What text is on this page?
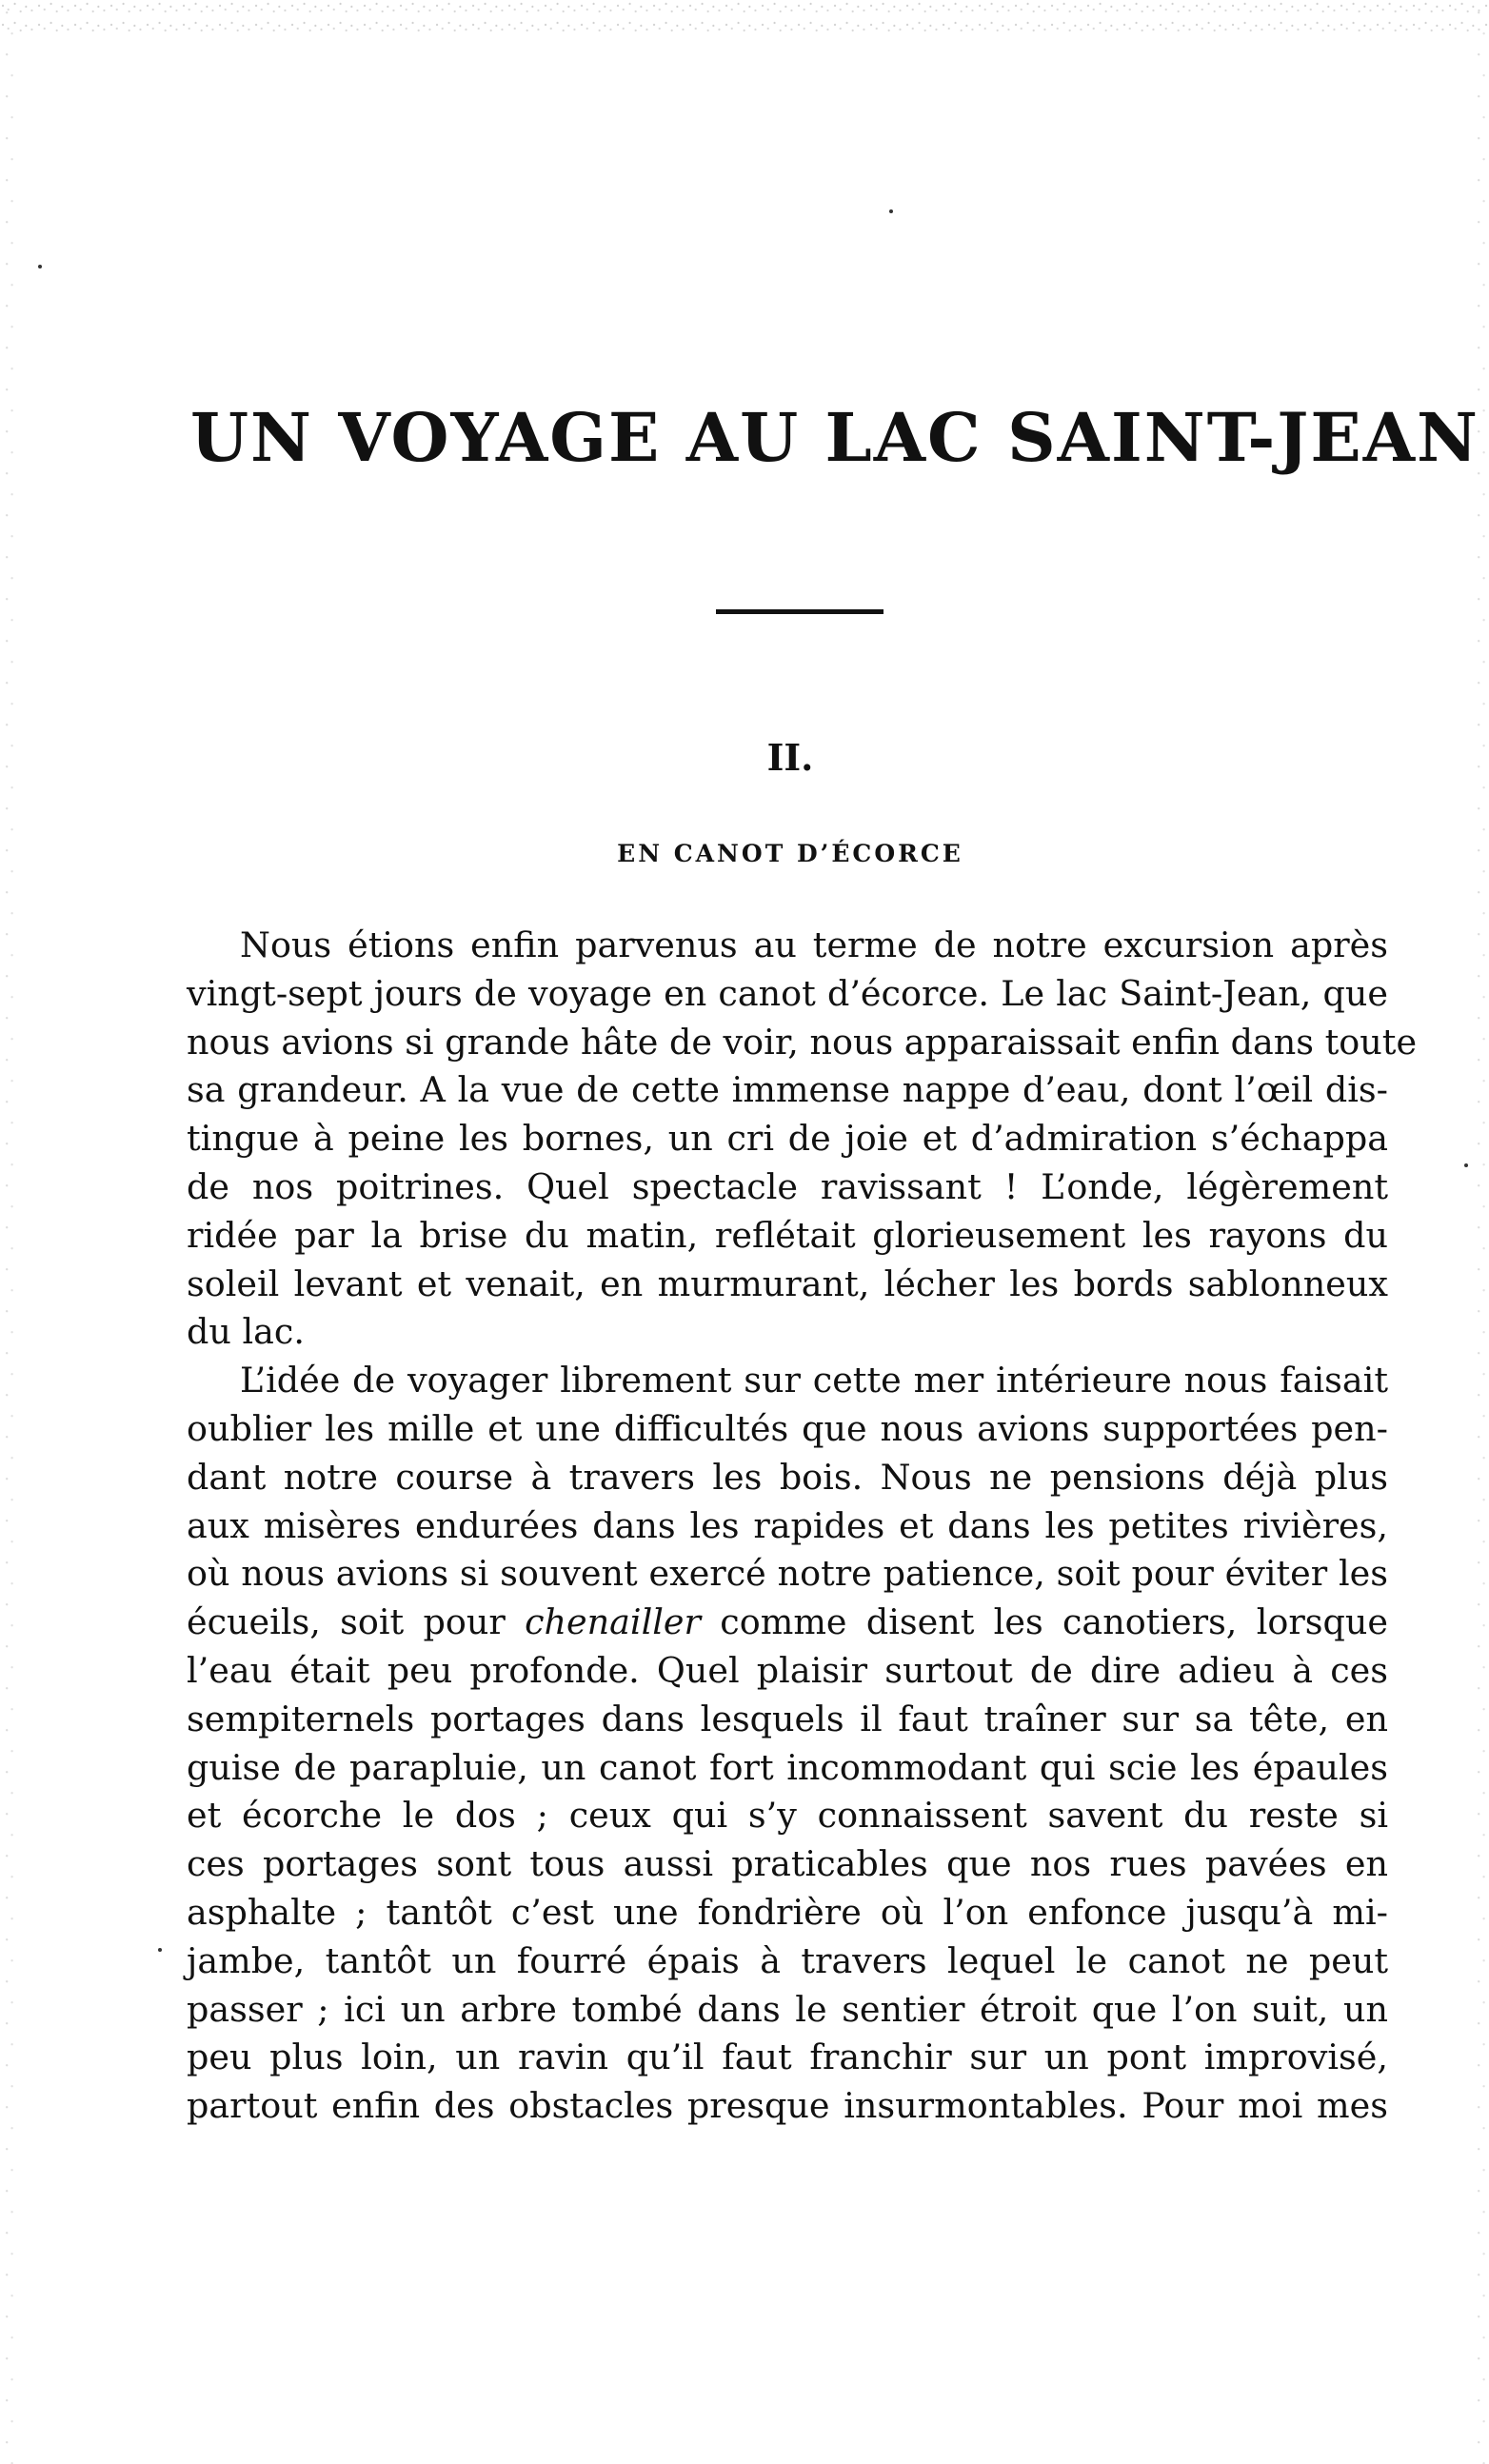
UN VOYAGE AU LAC SAINT-JEAN
II.
EN CANOT D’ÉCORCE

Nous étions enfin parvenus au terme de notre excursion après
vingt-sept jours de voyage en canot d’écorce. Le lac Saint-Jean, que
nous avions si grande hâte de voir, nous apparaissait enfin dans toute
sa grandeur. A la vue de cette immense nappe d’eau, dont l’œil dis-
tingue à peine les bornes, un cri de joie et d’admiration s’échappa
de nos poitrines. Quel spectacle ravissant ! L’onde, légèrement
ridée par la brise du matin, reflétait glorieusement les rayons du
soleil levant et venait, en murmurant, lécher les bords sablonneux
du lac.

L’idée de voyager librement sur cette mer intérieure nous faisait
oublier les mille et une difficultés que nous avions supportées pen-
dant notre course à travers les bois. Nous ne pensions déjà plus
aux misères endurées dans les rapides et dans les petites rivières,
où nous avions si souvent exercé notre patience, soit pour éviter les
écueils, soit pour chenailler comme disent les canotiers, lorsque
l’eau était peu profonde. Quel plaisir surtout de dire adieu à ces
sempiternels portages dans lesquels il faut traîner sur sa tête, en
guise de parapluie, un canot fort incommodant qui scie les épaules
et écorche le dos ; ceux qui s’y connaissent savent du reste si
ces portages sont tous aussi praticables que nos rues pavées en
asphalte ; tantôt c’est une fondrière où l’on enfonce jusqu’à mi-
jambe, tantôt un fourré épais à travers lequel le canot ne peut
passer ; ici un arbre tombé dans le sentier étroit que l’on suit, un
peu plus loin, un ravin qu’il faut franchir sur un pont improvisé,
partout enfin des obstacles presque insurmontables. Pour moi mes
